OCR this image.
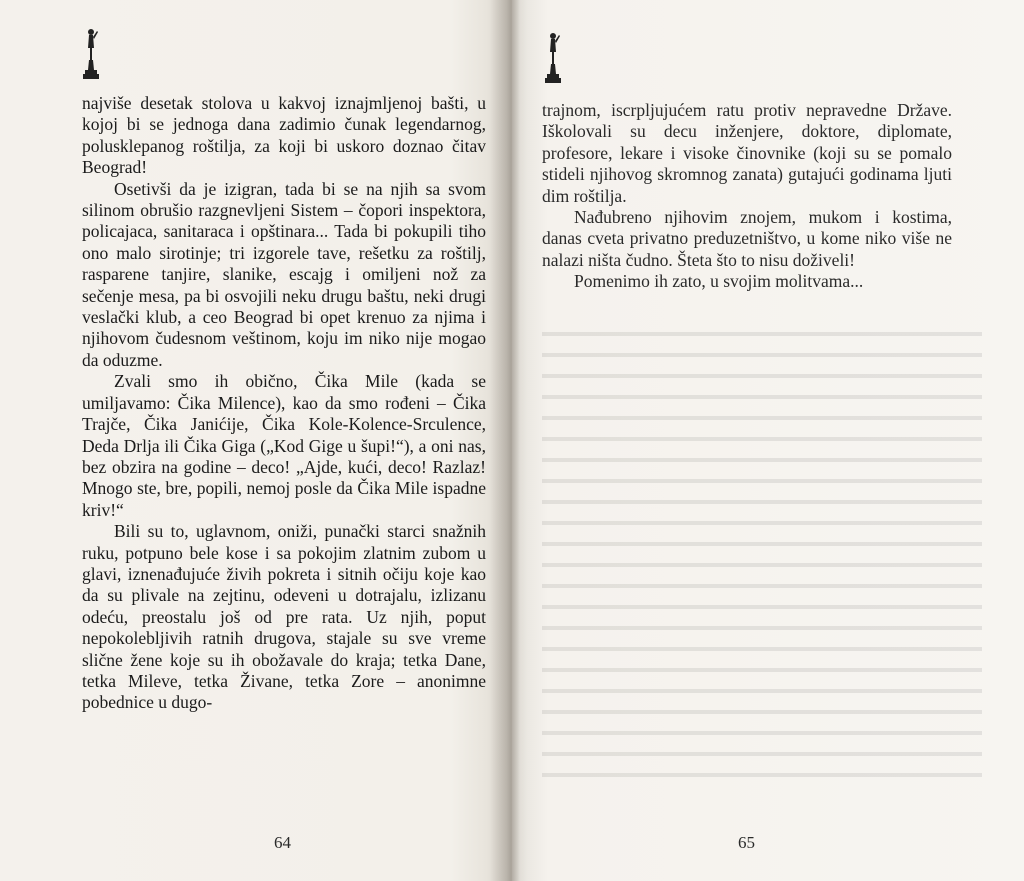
najviše desetak stolova u kakvoj iznajmljenoj bašti, u kojoj bi se jednoga dana zadimio čunak legendarnog, polusklepanog roštilja, za koji bi uskoro doznao čitav Beograd!

Osetivši da je izigran, tada bi se na njih sa svom silinom obrušio razgnevljeni Sistem – čopori inspektora, policajaca, sanitaraca i opštinara... Tada bi pokupili tiho ono malo sirotinje; tri izgorele tave, rešetku za roštilj, rasparene tanjire, slanike, escajg i omiljeni nož za sečenje mesa, pa bi osvojili neku drugu baštu, neki drugi veslački klub, a ceo Beograd bi opet krenuo za njima i njihovom čudesnom veštinom, koju im niko nije mogao da oduzme.

Zvali smo ih obično, Čika Mile (kada se umiljavamo: Čika Milence), kao da smo rođeni – Čika Trajče, Čika Janićije, Čika Kole-Kolence-Srculence, Deda Drlja ili Čika Giga („Kod Gige u šupi!“), a oni nas, bez obzira na godine – deco! „Ajde, kući, deco! Razlaz! Mnogo ste, bre, popili, nemoj posle da Čika Mile ispadne kriv!“

Bili su to, uglavnom, oniži, punački starci snažnih ruku, potpuno bele kose i sa pokojim zlatnim zubom u glavi, iznenađujuće živih pokreta i sitnih očiju koje kao da su plivale na zejtinu, odeveni u dotrajalu, izlizanu odeću, preostalu još od pre rata. Uz njih, poput nepokolebljivih ratnih drugova, stajale su sve vreme slične žene koje su ih obožavale do kraja; tetka Dane, tetka Mileve, tetka Živane, tetka Zore – anonimne pobednice u dugo-

64

trajnom, iscrpljujućem ratu protiv nepravedne Države. Iškolovali su decu inženjere, doktore, diplomate, profesore, lekare i visoke činovnike (koji su se pomalo stideli njihovog skromnog zanata) gutajući godinama ljuti dim roštilja.

Nađubreno njihovim znojem, mukom i kostima, danas cveta privatno preduzetništvo, u kome niko više ne nalazi ništa čudno. Šteta što to nisu doživeli!

Pomenimo ih zato, u svojim molitvama...

65
